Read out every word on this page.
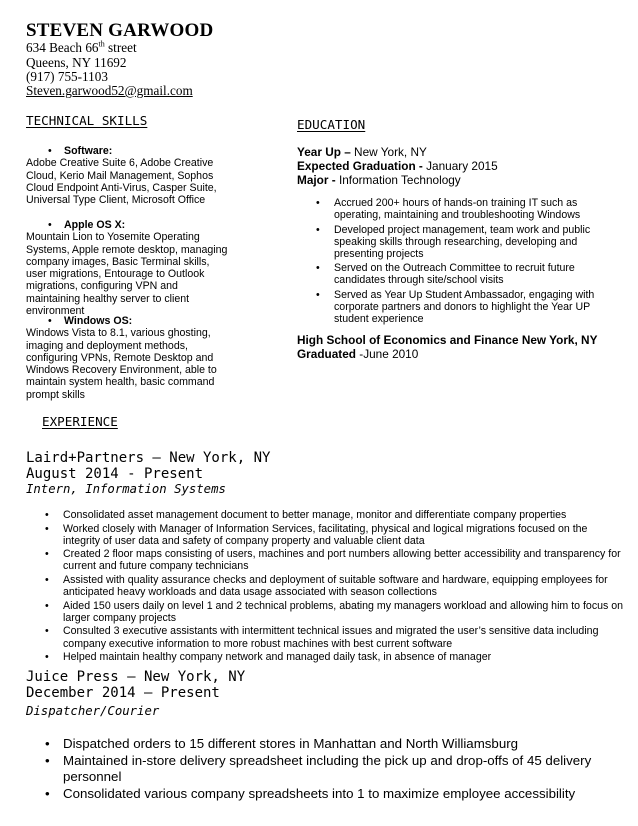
STEVEN GARWOOD
634 Beach 66th street
Queens, NY 11692
(917) 755-1103
Steven.garwood52@gmail.com
TECHNICAL SKILLS
• Software:
Adobe Creative Suite 6, Adobe Creative Cloud, Kerio Mail Management, Sophos Cloud Endpoint Anti-Virus, Casper Suite, Universal Type Client, Microsoft Office
• Apple OS X:
Mountain Lion to Yosemite Operating Systems, Apple remote desktop, managing company images, Basic Terminal skills, user migrations, Entourage to Outlook migrations, configuring VPN and maintaining healthy server to client environment
• Windows OS:
Windows Vista to 8.1, various ghosting, imaging and deployment methods, configuring VPNs, Remote Desktop and Windows Recovery Environment, able to maintain system health, basic command prompt skills
EDUCATION
Year Up – New York, NY
Expected Graduation - January 2015
Major - Information Technology
• Accrued 200+ hours of hands-on training IT such as operating, maintaining and troubleshooting Windows
• Developed project management, team work and public speaking skills through researching, developing and presenting projects
• Served on the Outreach Committee to recruit future candidates through site/school visits
• Served as Year Up Student Ambassador, engaging with corporate partners and donors to highlight the Year UP student experience
High School of Economics and Finance New York, NY
Graduated -June 2010
EXPERIENCE
Laird+Partners – New York, NY
August 2014 - Present
Intern, Information Systems
• Consolidated asset management document to better manage, monitor and differentiate company properties
• Worked closely with Manager of Information Services, facilitating, physical and logical migrations focused on the integrity of user data and safety of company property and valuable client data
• Created 2 floor maps consisting of users, machines and port numbers allowing better accessibility and transparency for current and future company technicians
• Assisted with quality assurance checks and deployment of suitable software and hardware, equipping employees for anticipated heavy workloads and data usage associated with season collections
• Aided 150 users daily on level 1 and 2 technical problems, abating my managers workload and allowing him to focus on larger company projects
• Consulted 3 executive assistants with intermittent technical issues and migrated the user’s sensitive data including company executive information to more robust machines with best current software
• Helped maintain healthy company network and managed daily task, in absence of manager
Juice Press – New York, NY
December 2014 – Present
Dispatcher/Courier
• Dispatched orders to 15 different stores in Manhattan and North Williamsburg
• Maintained in-store delivery spreadsheet including the pick up and drop-offs of 45 delivery personnel
• Consolidated various company spreadsheets into 1 to maximize employee accessibility
